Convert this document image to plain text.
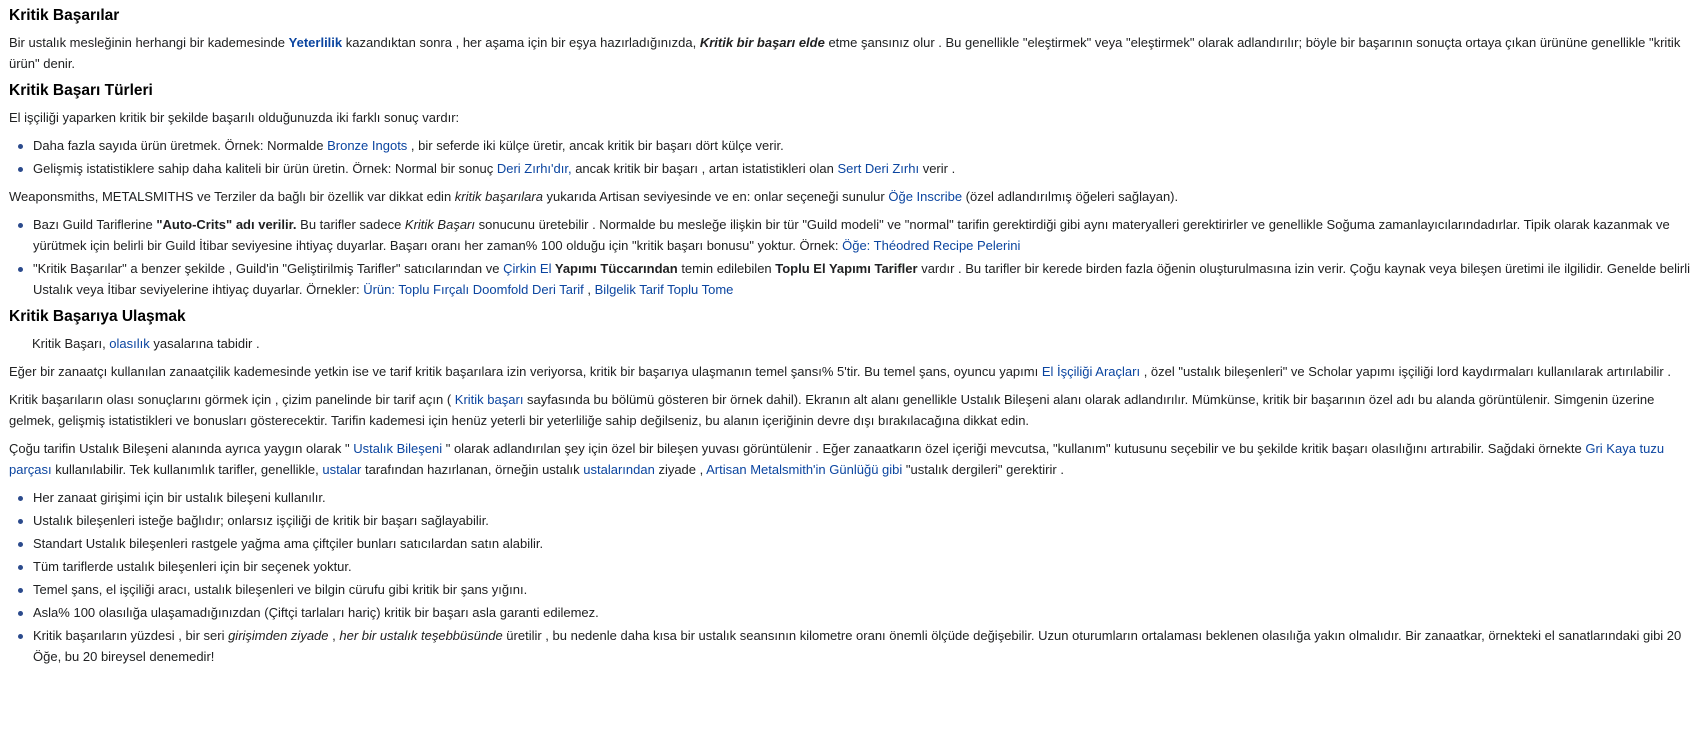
Kritik Başarılar

Bir ustalık mesleğinin herhangi bir kademesinde Yeterlilik kazandıktan sonra , her aşama için bir eşya hazırladığınızda, Kritik bir başarı elde etme şansınız olur . Bu genellikle "eleştirmek" veya "eleştirmek" olarak adlandırılır; böyle bir başarının sonuçta ortaya çıkan ürününe genellikle "kritik ürün" denir.

Kritik Başarı Türleri

El işçiliği yaparken kritik bir şekilde başarılı olduğunuzda iki farklı sonuç vardır:

Daha fazla sayıda ürün üretmek. Örnek: Normalde Bronze Ingots , bir seferde iki külçe üretir, ancak kritik bir başarı dört külçe verir.
Gelişmiş istatistiklere sahip daha kaliteli bir ürün üretin. Örnek: Normal bir sonuç Deri Zırhı'dır, ancak kritik bir başarı , artan istatistikleri olan Sert Deri Zırhı verir .

Weaponsmiths, METALSMITHS ve Terziler da bağlı bir özellik var dikkat edin kritik başarılara yukarıda Artisan seviyesinde ve en: onlar seçeneği sunulur Öğe Inscribe (özel adlandırılmış öğeleri sağlayan).

Bazı Guild Tariflerine "Auto-Crits" adı verilir. Bu tarifler sadece Kritik Başarı sonucunu üretebilir . Normalde bu mesleğe ilişkin bir tür "Guild modeli" ve "normal" tarifin gerektirdiği gibi aynı materyalleri gerektirirler ve genellikle Soğuma zamanlayıcılarındadırlar. Tipik olarak kazanmak ve yürütmek için belirli bir Guild İtibar seviyesine ihtiyaç duyarlar. Başarı oranı her zaman% 100 olduğu için "kritik başarı bonusu" yoktur. Örnek: Öğe: Théodred Recipe Pelerini
"Kritik Başarılar" a benzer şekilde , Guild'in "Geliştirilmiş Tarifler" satıcılarından ve Çirkin El Yapımı Tüccarından temin edilebilen Toplu El Yapımı Tarifler vardır . Bu tarifler bir kerede birden fazla öğenin oluşturulmasına izin verir. Çoğu kaynak veya bileşen üretimi ile ilgilidir. Genelde belirli Ustalık veya İtibar seviyelerine ihtiyaç duyarlar. Örnekler: Ürün: Toplu Fırçalı Doomfold Deri Tarif , Bilgelik Tarif Toplu Tome
Kritik Başarıya Ulaşmak

Kritik Başarı, olasılık yasalarına tabidir .

Eğer bir zanaatçı kullanılan zanaatçilik kademesinde yetkin ise ve tarif kritik başarılara izin veriyorsa, kritik bir başarıya ulaşmanın temel şansı% 5'tir. Bu temel şans, oyuncu yapımı El İşçiliği Araçları , özel "ustalık bileşenleri" ve Scholar yapımı işçiliği lord kaydırmaları kullanılarak artırılabilir .

Kritik başarıların olası sonuçlarını görmek için , çizim panelinde bir tarif açın ( Kritik başarı sayfasında bu bölümü gösteren bir örnek dahil). Ekranın alt alanı genellikle Ustalık Bileşeni alanı olarak adlandırılır. Mümkünse, kritik bir başarının özel adı bu alanda görüntülenir. Simgenin üzerine gelmek, gelişmiş istatistikleri ve bonusları gösterecektir. Tarifin kademesi için henüz yeterli bir yeterliliğe sahip değilseniz, bu alanın içeriğinin devre dışı bırakılacağına dikkat edin.

Çoğu tarifin Ustalık Bileşeni alanında ayrıca yaygın olarak " Ustalık Bileşeni " olarak adlandırılan şey için özel bir bileşen yuvası görüntülenir . Eğer zanaatkarın özel içeriği mevcutsa, "kullanım" kutusunu seçebilir ve bu şekilde kritik başarı olasılığını artırabilir. Sağdaki örnekte Gri Kaya tuzu parçası kullanılabilir. Tek kullanımlık tarifler, genellikle, ustalar tarafından hazırlanan, örneğin ustalık ustalarından ziyade , Artisan Metalsmith'in Günlüğü gibi "ustalık dergileri" gerektirir .

Her zanaat girişimi için bir ustalık bileşeni kullanılır.
Ustalık bileşenleri isteğe bağlıdır; onlarsız işçiliği de kritik bir başarı sağlayabilir.
Standart Ustalık bileşenleri rastgele yağma ama çiftçiler bunları satıcılardan satın alabilir.
Tüm tariflerde ustalık bileşenleri için bir seçenek yoktur.
Temel şans, el işçiliği aracı, ustalık bileşenleri ve bilgin cürufu gibi kritik bir şans yığını.
Asla% 100 olasılığa ulaşamadığınızdan (Çiftçi tarlaları hariç) kritik bir başarı asla garanti edilemez.
Kritik başarıların yüzdesi , bir seri girişimden ziyade , her bir ustalık teşebbüsünde üretilir , bu nedenle daha kısa bir ustalık seansının kilometre oranı önemli ölçüde değişebilir. Uzun oturumların ortalaması beklenen olasılığa yakın olmalıdır. Bir zanaatkar, örnekteki el sanatlarındaki gibi 20 Öğe, bu 20 bireysel denemedir!
